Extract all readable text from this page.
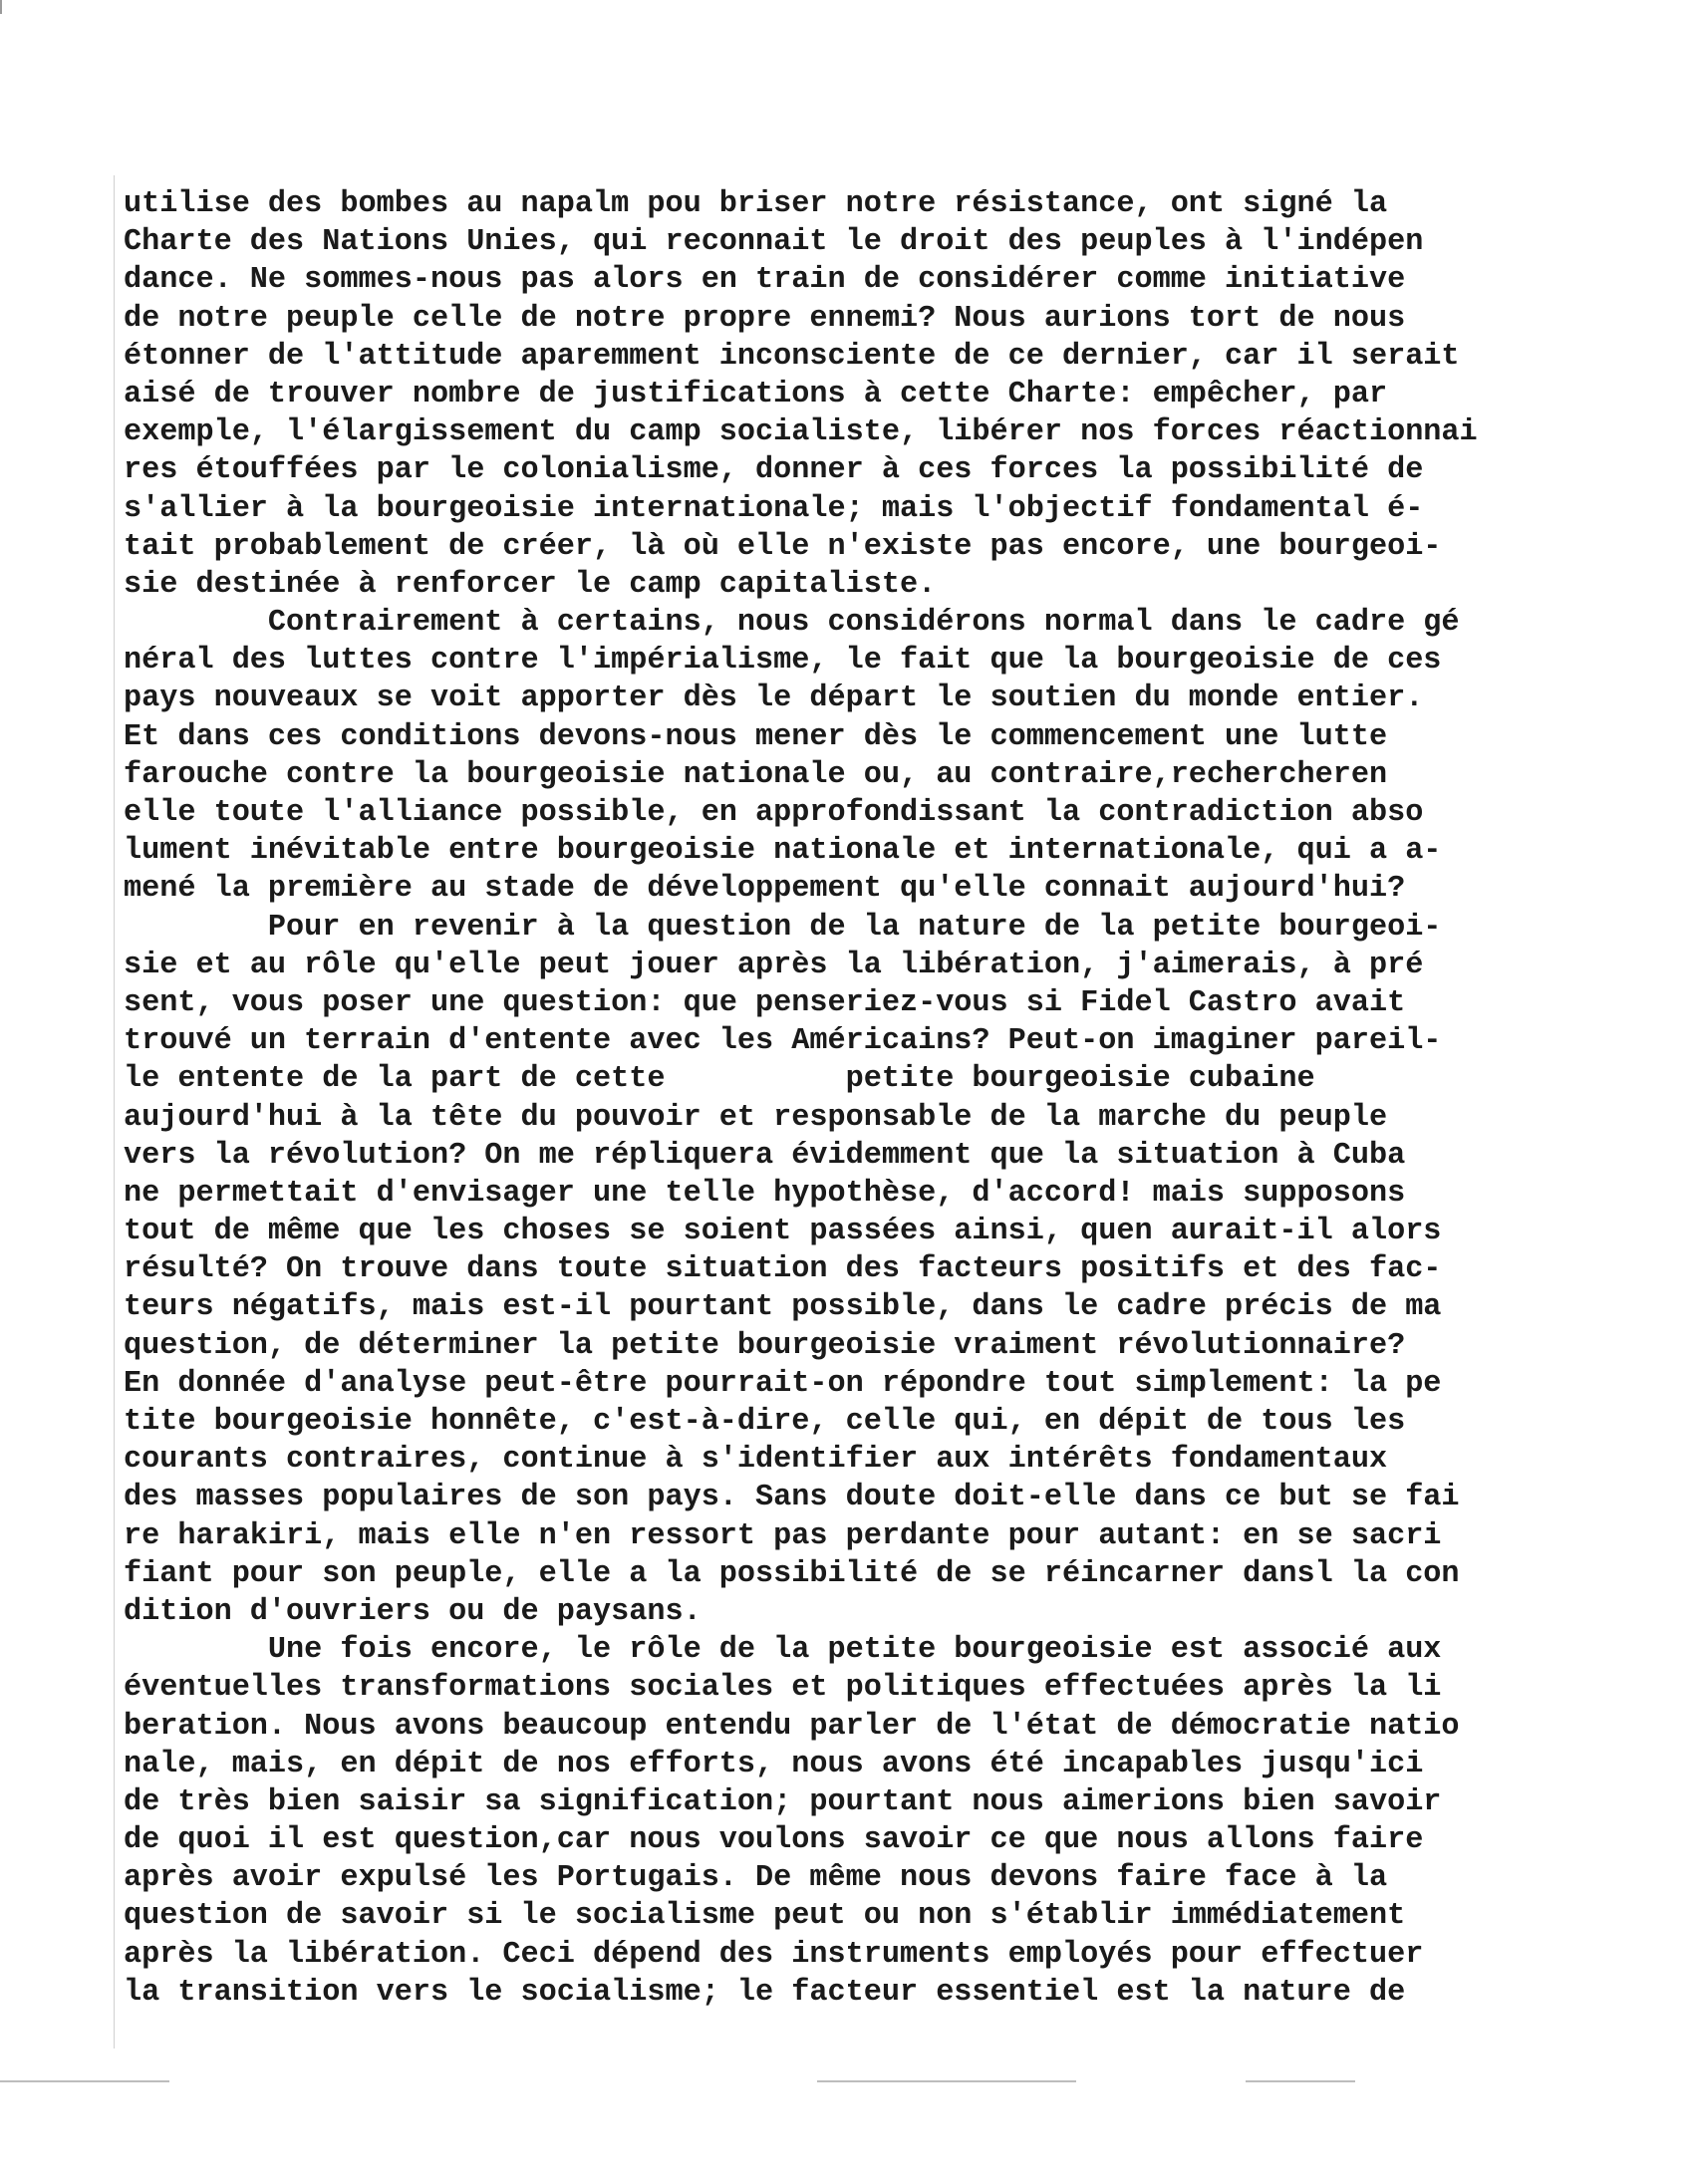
utilise des bombes au napalm pou briser notre résistance, ont signé la
Charte des Nations Unies, qui reconnait le droit des peuples à l'indépen
dance. Ne sommes-nous pas alors en train de considérer comme initiative
de notre peuple celle de notre propre ennemi? Nous aurions tort de nous
étonner de l'attitude aparemment inconsciente de ce dernier, car il serait
aisé de trouver nombre de justifications à cette Charte: empêcher, par
exemple, l'élargissement du camp socialiste, libérer nos forces réactionnai
res étouffées par le colonialisme, donner à ces forces la possibilité de
s'allier à la bourgeoisie internationale; mais l'objectif fondamental é-
tait probablement de créer, là où elle n'existe pas encore, une bourgeoi-
sie destinée à renforcer le camp capitaliste.
Contrairement à certains, nous considérons normal dans le cadre gé
néral des luttes contre l'impérialisme, le fait que la bourgeoisie de ces
pays nouveaux se voit apporter dès le départ le soutien du monde entier.
Et dans ces conditions devons-nous mener dès le commencement une lutte
farouche contre la bourgeoisie nationale ou, au contraire,rechercheren
elle toute l'alliance possible, en approfondissant la contradiction abso
lument inévitable entre bourgeoisie nationale et internationale, qui a a-
mené la première au stade de développement qu'elle connait aujourd'hui?
Pour en revenir à la question de la nature de la petite bourgeoi-
sie et au rôle qu'elle peut jouer après la libération, j'aimerais, à pré
sent, vous poser une question: que penseriez-vous si Fidel Castro avait
trouvé un terrain d'entente avec les Américains? Peut-on imaginer pareil-
le entente de la part de cette          petite bourgeoisie cubaine
aujourd'hui à la tête du pouvoir et responsable de la marche du peuple
vers la révolution? On me répliquera évidemment que la situation à Cuba
ne permettait d'envisager une telle hypothèse, d'accord! mais supposons
tout de même que les choses se soient passées ainsi, quen aurait-il alors
résulté? On trouve dans toute situation des facteurs positifs et des fac-
teurs négatifs, mais est-il pourtant possible, dans le cadre précis de ma
question, de déterminer la petite bourgeoisie vraiment révolutionnaire?
En donnée d'analyse peut-être pourrait-on répondre tout simplement: la pe
tite bourgeoisie honnête, c'est-à-dire, celle qui, en dépit de tous les
courants contraires, continue à s'identifier aux intérêts fondamentaux
des masses populaires de son pays. Sans doute doit-elle dans ce but se fai
re harakiri, mais elle n'en ressort pas perdante pour autant: en se sacri
fiant pour son peuple, elle a la possibilité de se réincarner dansl la con
dition d'ouvriers ou de paysans.
Une fois encore, le rôle de la petite bourgeoisie est associé aux
éventuelles transformations sociales et politiques effectuées après la li
beration. Nous avons beaucoup entendu parler de l'état de démocratie natio
nale, mais, en dépit de nos efforts, nous avons été incapables jusqu'ici
de très bien saisir sa signification; pourtant nous aimerions bien savoir
de quoi il est question,car nous voulons savoir ce que nous allons faire
après avoir expulsé les Portugais. De même nous devons faire face à la
question de savoir si le socialisme peut ou non s'établir immédiatement
après la libération. Ceci dépend des instruments employés pour effectuer
la transition vers le socialisme; le facteur essentiel est la nature de
